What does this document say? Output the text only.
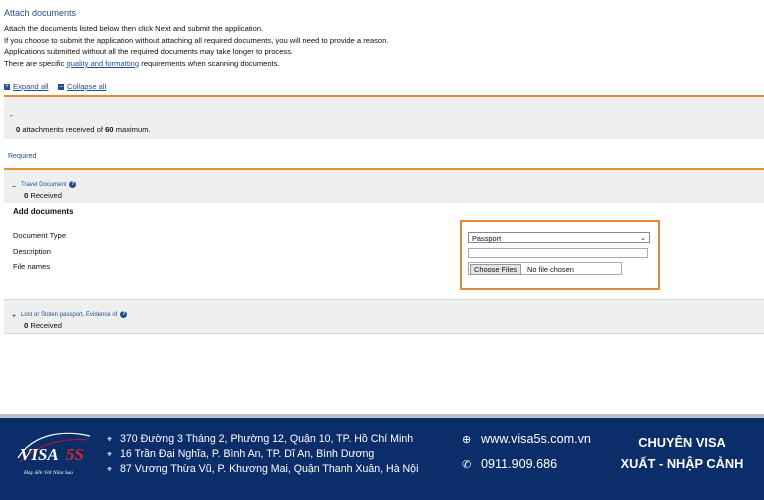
Attach documents
Attach the documents listed below then click Next and submit the application.
If you choose to submit the application without attaching all required documents, you will need to provide a reason.
Applications submitted without all the required documents may take longer to process.
There are specific quality and formatting requirements when scanning documents.
+ Expand all – Collapse all
-
0 attachments received of 60 maximum.
Required
– Travel Document ?
0 Received
Add documents
Document Type
Description
File names
Passport	⌄
Choose Files	No file chosen
+ Lost or Stolen passport, Evidence of ?
0 Received
VISA 5S
Hay đến Với Năm Sao
⌖ 370 Đường 3 Tháng 2, Phường 12, Quận 10, TP. Hồ Chí Minh
⌖ 16 Trần Đại Nghĩa, P. Bình An, TP. Dĩ An, Bình Dương
⌖ 87 Vương Thừa Vũ, P. Khương Mai, Quận Thanh Xuân, Hà Nội
⊕ www.visa5s.com.vn
✆ 0911.909.686
CHUYÊN VISA
XUẤT - NHẬP CẢNH
